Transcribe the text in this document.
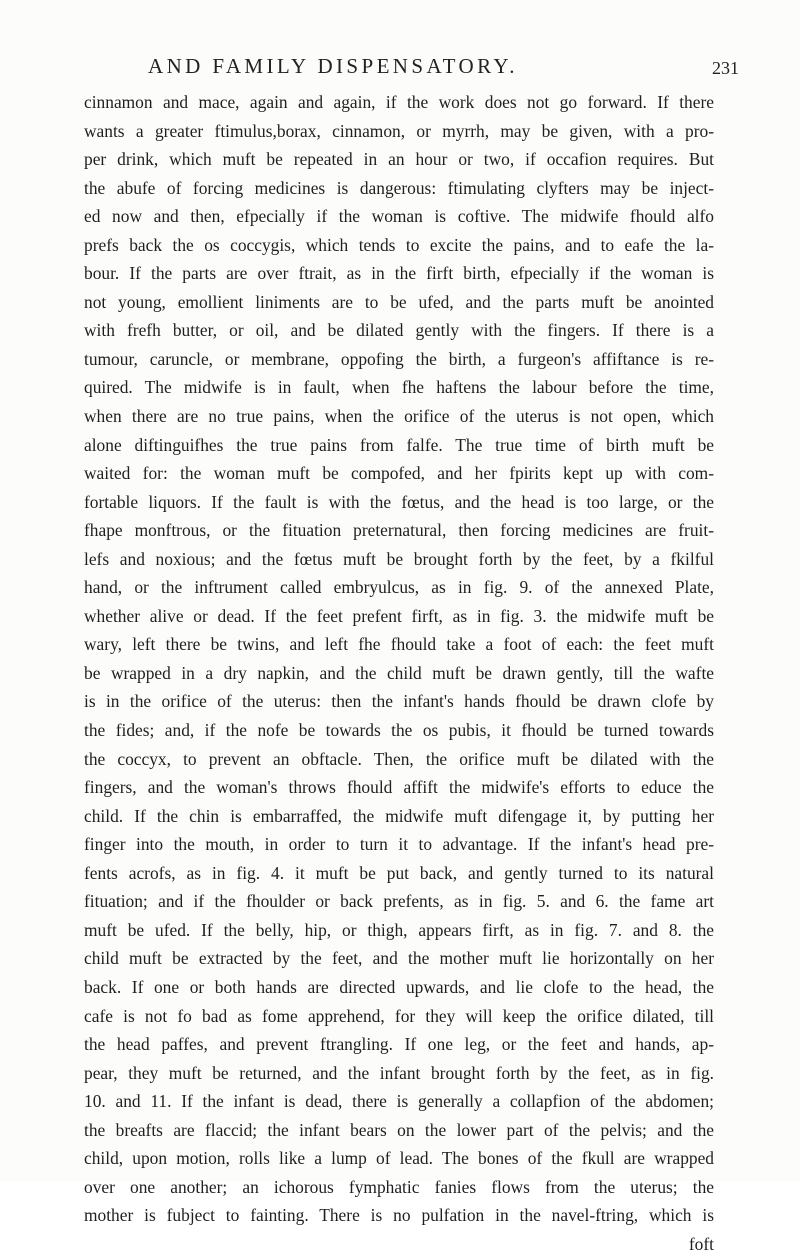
AND FAMILY DISPENSATORY.	231
cinnamon and mace, again and again, if the work does not go forward. If there
wants a greater ftimulus,borax, cinnamon, or myrrh, may be given, with a pro-
per drink, which muft be repeated in an hour or two, if occafion requires. But
the abufe of forcing medicines is dangerous: ftimulating clyfters may be inject-
ed now and then, efpecially if the woman is coftive. The midwife fhould alfo
prefs back the os coccygis, which tends to excite the pains, and to eafe the la-
bour. If the parts are over ftrait, as in the firft birth, efpecially if the woman is
not young, emollient liniments are to be ufed, and the parts muft be anointed
with frefh butter, or oil, and be dilated gently with the fingers. If there is a
tumour, caruncle, or membrane, oppofing the birth, a furgeon's affiftance is re-
quired. The midwife is in fault, when fhe haftens the labour before the time,
when there are no true pains, when the orifice of the uterus is not open, which
alone diftinguifhes the true pains from falfe. The true time of birth muft be
waited for: the woman muft be compofed, and her fpirits kept up with com-
fortable liquors. If the fault is with the fœtus, and the head is too large, or the
fhape monftrous, or the fituation preternatural, then forcing medicines are fruit-
lefs and noxious; and the fœtus muft be brought forth by the feet, by a fkilful
hand, or the inftrument called embryulcus, as in fig. 9. of the annexed Plate,
whether alive or dead. If the feet prefent firft, as in fig. 3. the midwife muft be
wary, left there be twins, and left fhe fhould take a foot of each: the feet muft
be wrapped in a dry napkin, and the child muft be drawn gently, till the wafte
is in the orifice of the uterus: then the infant's hands fhould be drawn clofe by
the fides; and, if the nofe be towards the os pubis, it fhould be turned towards
the coccyx, to prevent an obftacle. Then, the orifice muft be dilated with the
fingers, and the woman's throws fhould affift the midwife's efforts to educe the
child. If the chin is embarraffed, the midwife muft difengage it, by putting her
finger into the mouth, in order to turn it to advantage. If the infant's head pre-
fents acrofs, as in fig. 4. it muft be put back, and gently turned to its natural
fituation; and if the fhoulder or back prefents, as in fig. 5. and 6. the fame art
muft be ufed. If the belly, hip, or thigh, appears firft, as in fig. 7. and 8. the
child muft be extracted by the feet, and the mother muft lie horizontally on her
back. If one or both hands are directed upwards, and lie clofe to the head, the
cafe is not fo bad as fome apprehend, for they will keep the orifice dilated, till
the head paffes, and prevent ftrangling. If one leg, or the feet and hands, ap-
pear, they muft be returned, and the infant brought forth by the feet, as in fig.
10. and 11. If the infant is dead, there is generally a collapfion of the abdomen;
the breafts are flaccid; the infant bears on the lower part of the pelvis; and the
child, upon motion, rolls like a lump of lead. The bones of the fkull are wrapped
over one another; an ichorous fymphatic fanies flows from the uterus; the
mother is fubject to fainting. There is no pulfation in the navel-ftring, which is
foft
